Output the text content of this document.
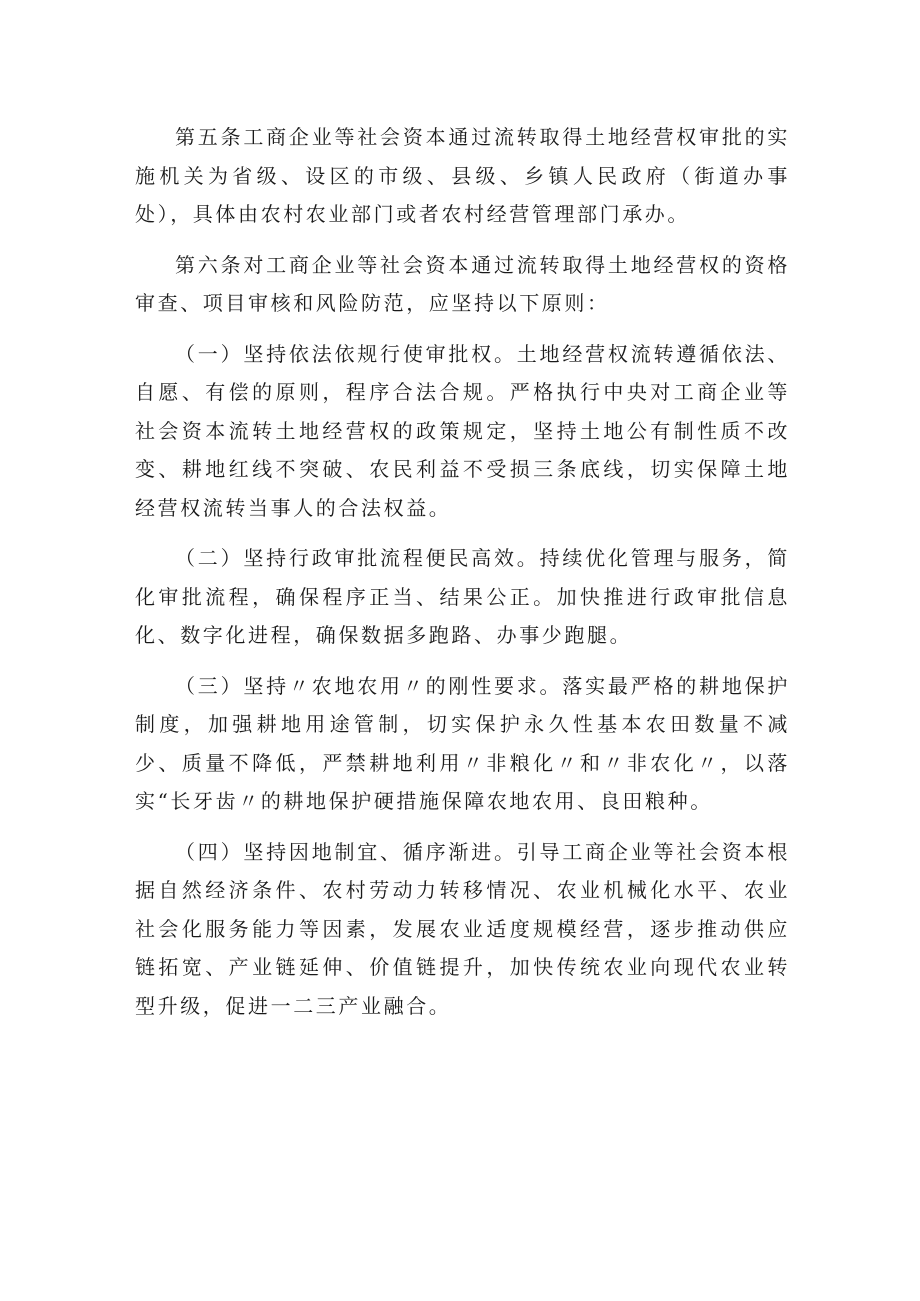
第五条工商企业等社会资本通过流转取得土地经营权审批的实施机关为省级、设区的市级、县级、乡镇人民政府（街道办事处），具体由农村农业部门或者农村经营管理部门承办。

第六条对工商企业等社会资本通过流转取得土地经营权的资格审查、项目审核和风险防范，应坚持以下原则：

（一）坚持依法依规行使审批权。土地经营权流转遵循依法、自愿、有偿的原则，程序合法合规。严格执行中央对工商企业等社会资本流转土地经营权的政策规定，坚持土地公有制性质不改变、耕地红线不突破、农民利益不受损三条底线，切实保障土地经营权流转当事人的合法权益。

（二）坚持行政审批流程便民高效。持续优化管理与服务，简化审批流程，确保程序正当、结果公正。加快推进行政审批信息化、数字化进程，确保数据多跑路、办事少跑腿。

（三）坚持〃农地农用〃的刚性要求。落实最严格的耕地保护制度，加强耕地用途管制，切实保护永久性基本农田数量不减少、质量不降低，严禁耕地利用〃非粮化〃和〃非农化〃，以落实“长牙齿〃的耕地保护硬措施保障农地农用、良田粮种。

（四）坚持因地制宜、循序渐进。引导工商企业等社会资本根据自然经济条件、农村劳动力转移情况、农业机械化水平、农业社会化服务能力等因素，发展农业适度规模经营，逐步推动供应链拓宽、产业链延伸、价值链提升，加快传统农业向现代农业转型升级，促进一二三产业融合。
